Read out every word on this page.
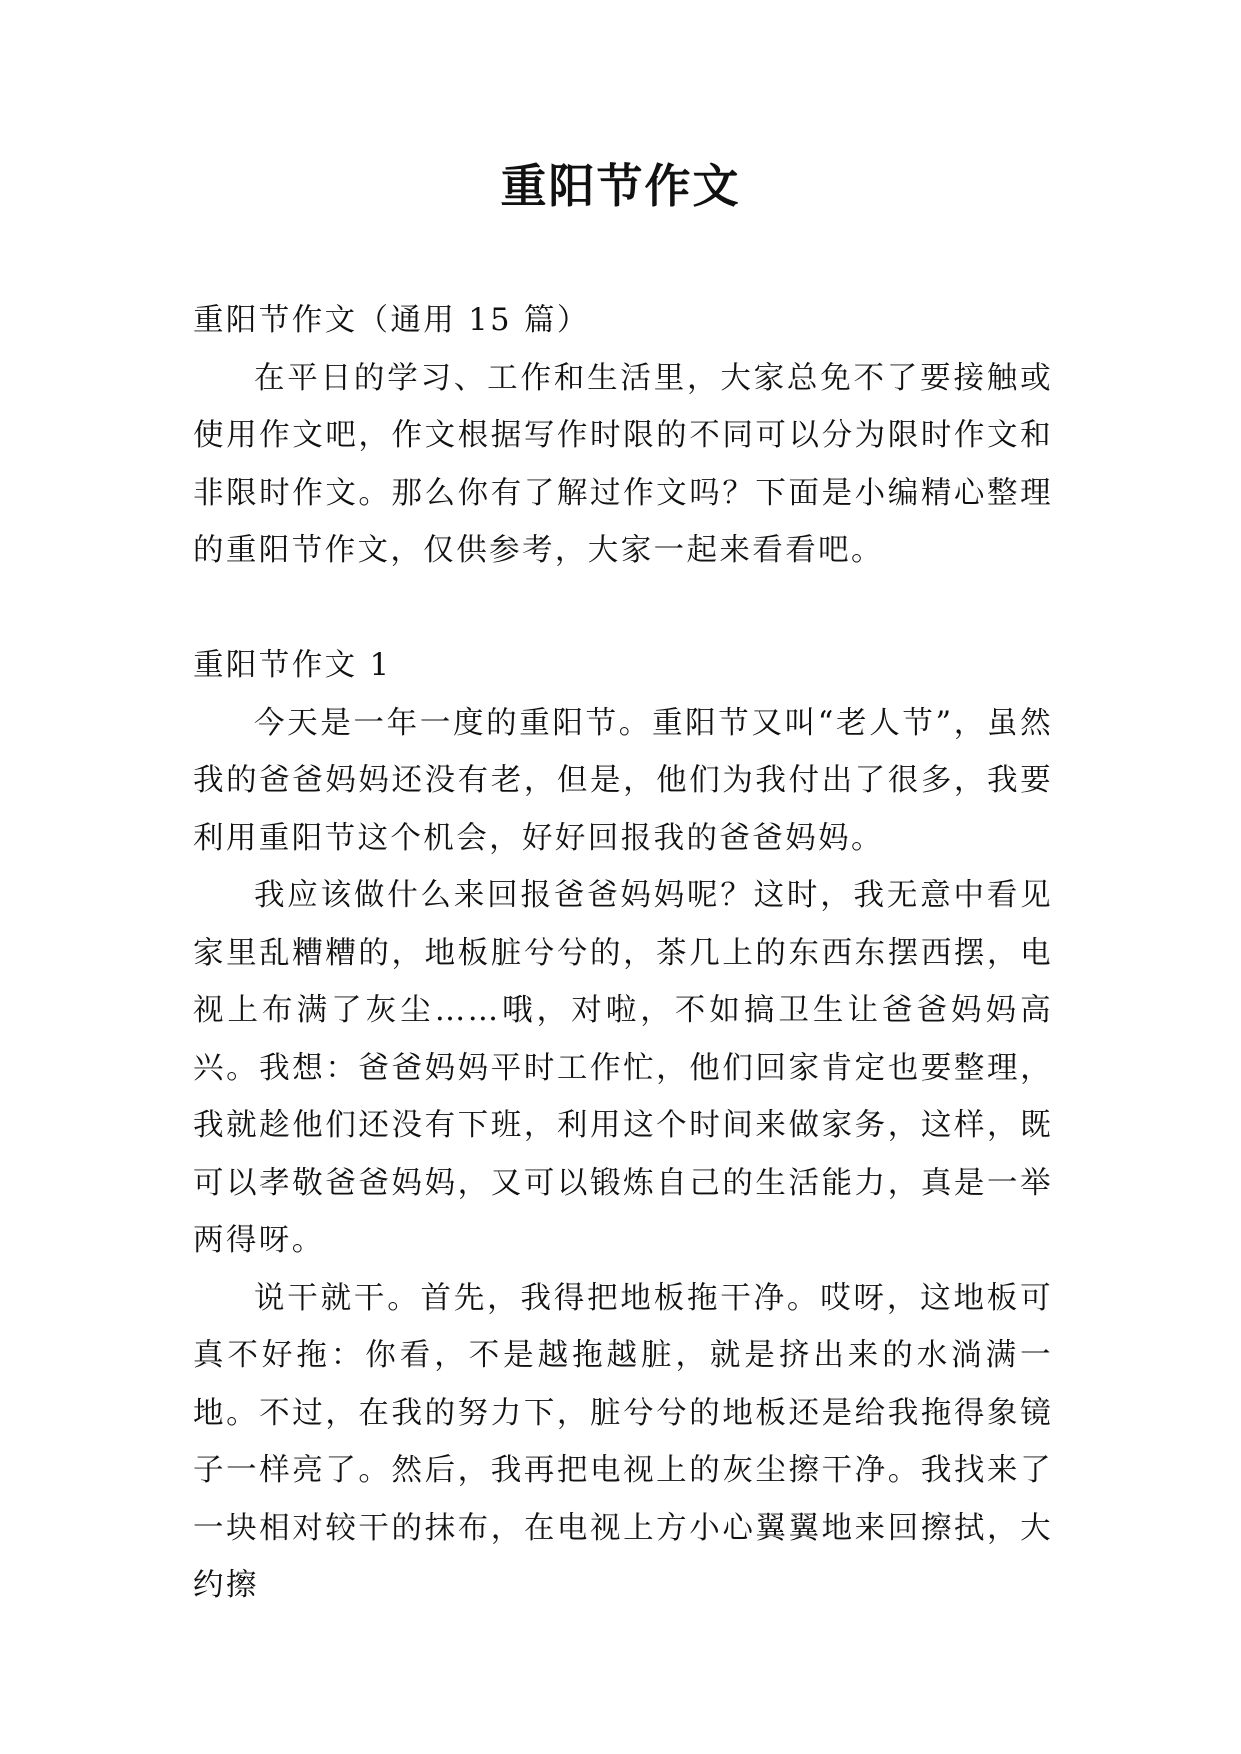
重阳节作文

重阳节作文（通用 15 篇）

在平日的学习、工作和生活里，大家总免不了要接触或使用作文吧，作文根据写作时限的不同可以分为限时作文和非限时作文。那么你有了解过作文吗？下面是小编精心整理的重阳节作文，仅供参考，大家一起来看看吧。

重阳节作文 1

今天是一年一度的重阳节。重阳节又叫“老人节”，虽然我的爸爸妈妈还没有老，但是，他们为我付出了很多，我要利用重阳节这个机会，好好回报我的爸爸妈妈。

我应该做什么来回报爸爸妈妈呢？这时，我无意中看见家里乱糟糟的，地板脏兮兮的，茶几上的东西东摆西摆，电视上布满了灰尘……哦，对啦，不如搞卫生让爸爸妈妈高兴。我想：爸爸妈妈平时工作忙，他们回家肯定也要整理，我就趁他们还没有下班，利用这个时间来做家务，这样，既可以孝敬爸爸妈妈，又可以锻炼自己的生活能力，真是一举两得呀。

说干就干。首先，我得把地板拖干净。哎呀，这地板可真不好拖：你看，不是越拖越脏，就是挤出来的水淌满一地。不过，在我的努力下，脏兮兮的地板还是给我拖得象镜子一样亮了。然后，我再把电视上的灰尘擦干净。我找来了一块相对较干的抹布，在电视上方小心翼翼地来回擦拭，大约擦
